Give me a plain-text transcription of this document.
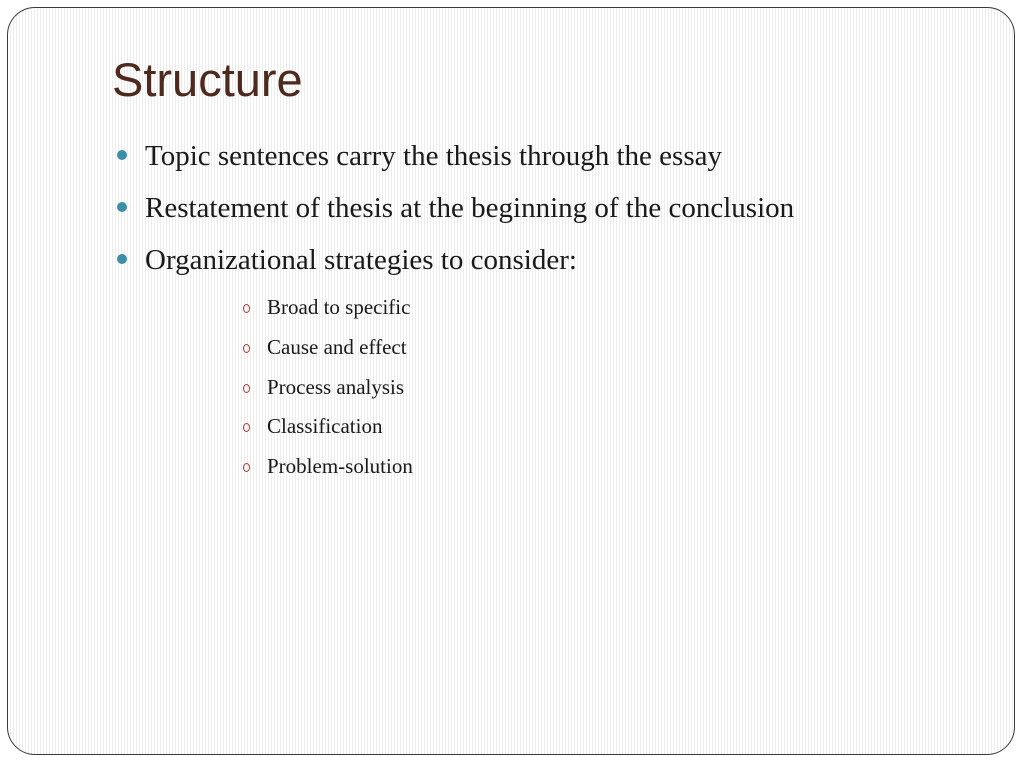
Structure
Topic sentences carry the thesis through the essay
Restatement of thesis at the beginning of the conclusion
Organizational strategies to consider:
Broad to specific
Cause and effect
Process analysis
Classification
Problem-solution
